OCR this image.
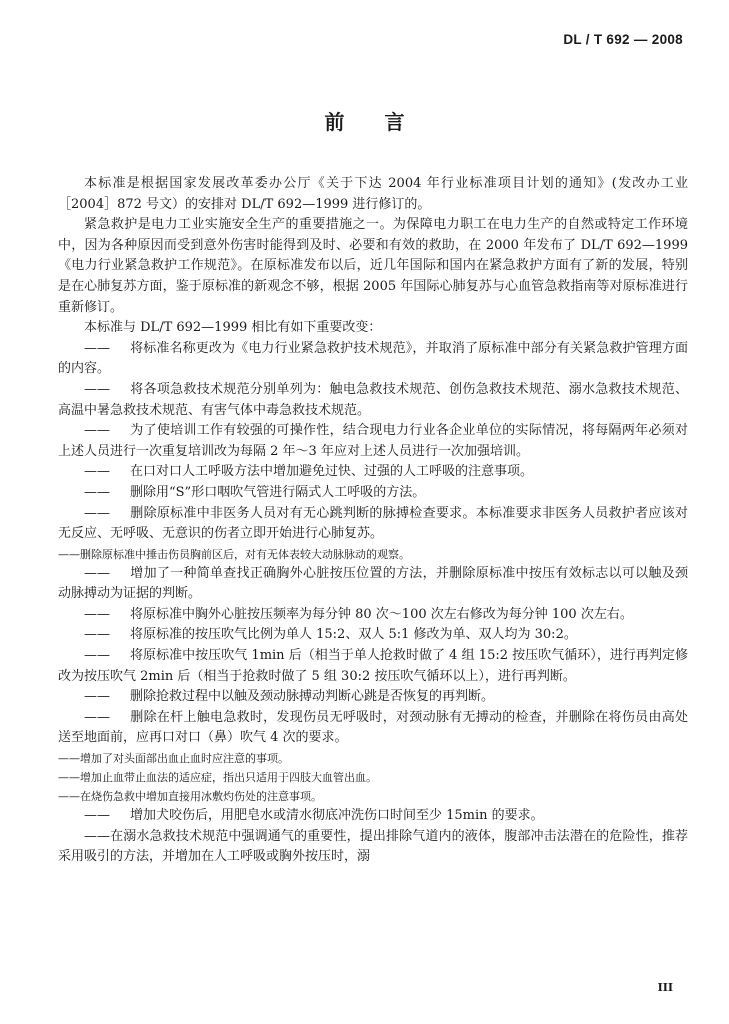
DL / T 692 — 2008
前言

本标准是根据国家发展改革委办公厅《关于下达 2004 年行业标准项目计划的通知》(发改办工业［2004］872 号文）的安排对 DL/T 692—1999 进行修订的。

紧急救护是电力工业实施安全生产的重要措施之一。为保障电力职工在电力生产的自然或特定工作环境中，因为各种原因而受到意外伤害时能得到及时、必要和有效的救助，在 2000 年发布了 DL/T 692—1999《电力行业紧急救护工作规范》。在原标准发布以后，近几年国际和国内在紧急救护方面有了新的发展，特别是在心肺复苏方面，鉴于原标准的新观念不够，根据 2005 年国际心肺复苏与心血管急救指南等对原标准进行重新修订。

本标准与 DL/T 692—1999 相比有如下重要改变：

—— 将标准名称更改为《电力行业紧急救护技术规范》，并取消了原标准中部分有关紧急救护管理方面的内容。

—— 将各项急救技术规范分别单列为：触电急救技术规范、创伤急救技术规范、溺水急救技术规范、高温中暑急救技术规范、有害气体中毒急救技术规范。

—— 为了使培训工作有较强的可操作性，结合现电力行业各企业单位的实际情况，将每隔两年必须对上述人员进行一次重复培训改为每隔 2 年～3 年应对上述人员进行一次加强培训。

—— 在口对口人工呼吸方法中增加避免过快、过强的人工呼吸的注意事项。

—— 删除用“S”形口咽吹气管进行隔式人工呼吸的方法。

—— 删除原标准中非医务人员对有无心跳判断的脉搏检查要求。本标准要求非医务人员救护者应该对无反应、无呼吸、无意识的伤者立即开始进行心肺复苏。

——删除原标准中捶击伤员胸前区后，对有无体表较大动脉脉动的观察。

—— 增加了一种简单查找正确胸外心脏按压位置的方法，并删除原标准中按压有效标志以可以触及颈动脉搏动为证据的判断。

—— 将原标准中胸外心脏按压频率为每分钟 80 次～100 次左右修改为每分钟 100 次左右。

—— 将原标准的按压吹气比例为单人 15:2、双人 5:1 修改为单、双人均为 30:2。

—— 将原标准中按压吹气 1min 后（相当于单人抢救时做了 4 组 15:2 按压吹气循环），进行再判定修改为按压吹气 2min 后（相当于抢救时做了 5 组 30:2 按压吹气循环以上），进行再判断。

—— 删除抢救过程中以触及颈动脉搏动判断心跳是否恢复的再判断。

—— 删除在杆上触电急救时，发现伤员无呼吸时，对颈动脉有无搏动的检查，并删除在将伤员由高处送至地面前，应再口对口（鼻）吹气 4 次的要求。

——增加了对头面部出血止血时应注意的事项。

——增加止血带止血法的适应症，指出只适用于四肢大血管出血。

——在烧伤急救中增加直接用冰敷灼伤处的注意事项。

—— 增加犬咬伤后，用肥皂水或清水彻底冲洗伤口时间至少 15min 的要求。

——在溺水急救技术规范中强调通气的重要性，提出排除气道内的液体，腹部冲击法潜在的危险性，推荐采用吸引的方法，并增加在人工呼吸或胸外按压时，溺

III
